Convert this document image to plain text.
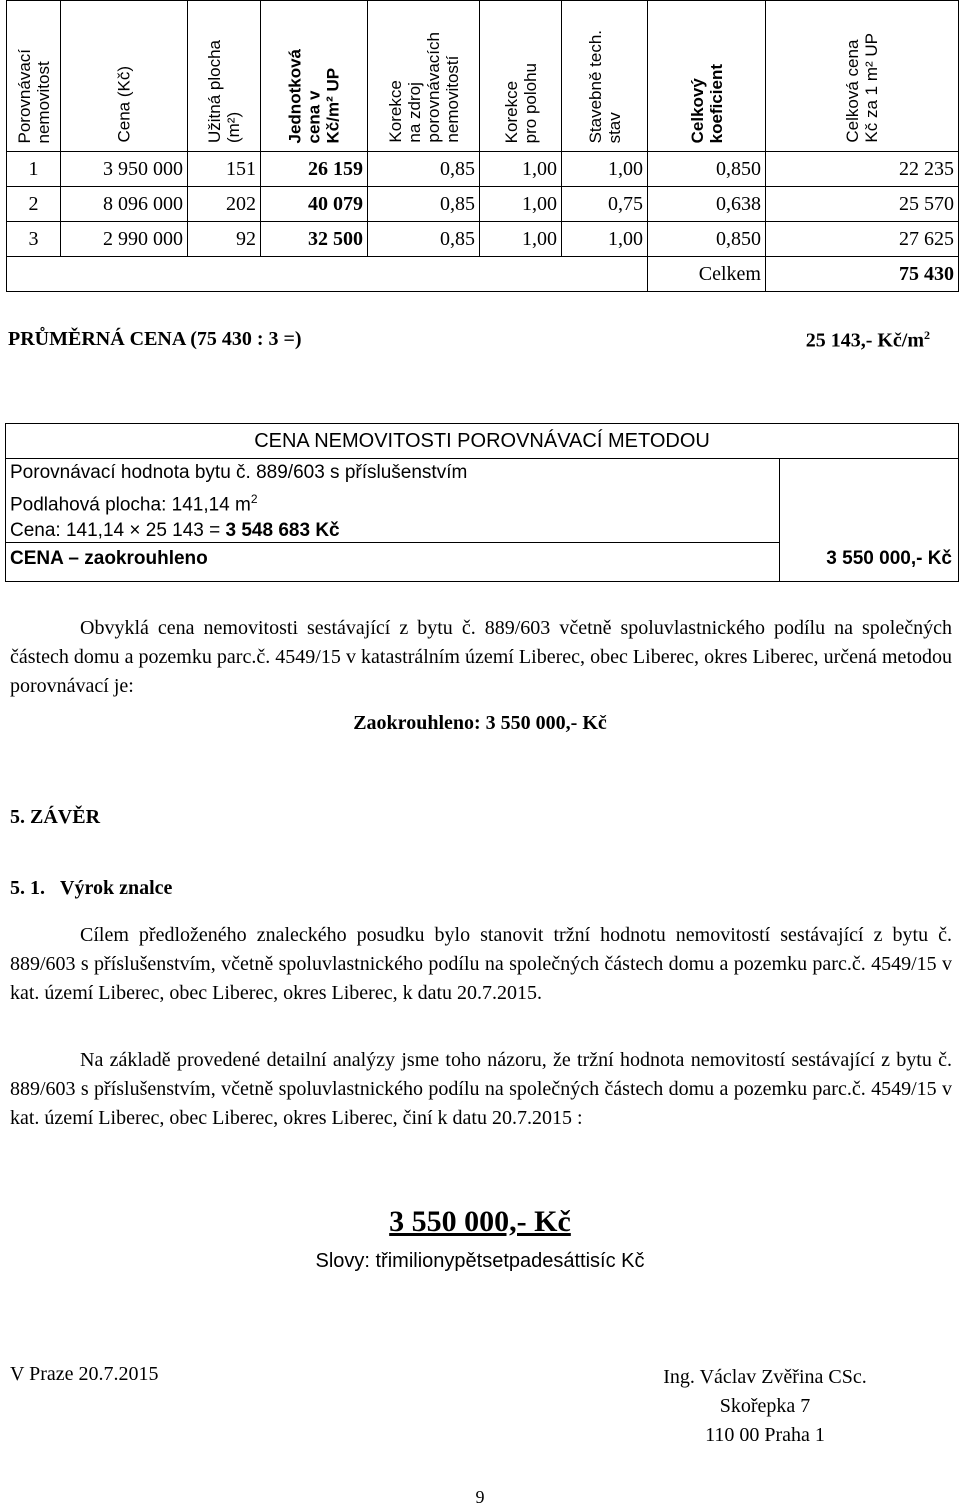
Porovnávací
nemovitost	Cena (Kč)	Užitná plocha
(m²)	Jednotková
cena v
Kč/m² UP	Korekce
na zdroj
porovnávacích
nemovitostí	Korekce
pro polohu	Stavebně tech.
stav	Celkový
koeficient	Celková cena
Kč za 1 m² UP

1	3 950 000	151	26 159	0,85	1,00	1,00	0,850	22 235
2	8 096 000	202	40 079	0,85	1,00	0,75	0,638	25 570
3	2 990 000	92	32 500	0,85	1,00	1,00	0,850	27 625
							Celkem	75 430
PRŮMĚRNÁ CENA (75 430 : 3 =)	25 143,- $Kč/m^2$
CENA NEMOVITOSTI POROVNÁVACÍ METODOU
Porovnávací hodnota bytu č. 889/603 s příslušenstvím
Podlahová plocha: 141,14 $m^2$
Cena: 141,14 × 25 143 = 3 548 683 Kč
CENA – zaokrouhleno	3 550 000,- Kč
Obvyklá cena nemovitosti sestávající z bytu č. 889/603 včetně spoluvlastnického podílu na společných částech domu a pozemku parc.č. 4549/15 v katastrálním území Liberec, obec Liberec, okres Liberec, určená metodou porovnávací je:
Zaokrouhleno: 3 550 000,- Kč
5. ZÁVĚR
5. 1. Výrok znalce
Cílem předloženého znaleckého posudku bylo stanovit tržní hodnotu nemovitostí sestávající z bytu č. 889/603 s příslušenstvím, včetně spoluvlastnického podílu na společných částech domu a pozemku parc.č. 4549/15 v kat. území Liberec, obec Liberec, okres Liberec, k datu 20.7.2015.
Na základě provedené detailní analýzy jsme toho názoru, že tržní hodnota nemovitostí sestávající z bytu č. 889/603 s příslušenstvím, včetně spoluvlastnického podílu na společných částech domu a pozemku parc.č. 4549/15 v kat. území Liberec, obec Liberec, okres Liberec, činí k datu 20.7.2015 :
3 550 000,- Kč
Slovy: třimilionypětsetpadesáttisíc Kč
V Praze 20.7.2015	Ing. Václav Zvěřina CSc.
Skořepka 7
110 00 Praha 1
9
